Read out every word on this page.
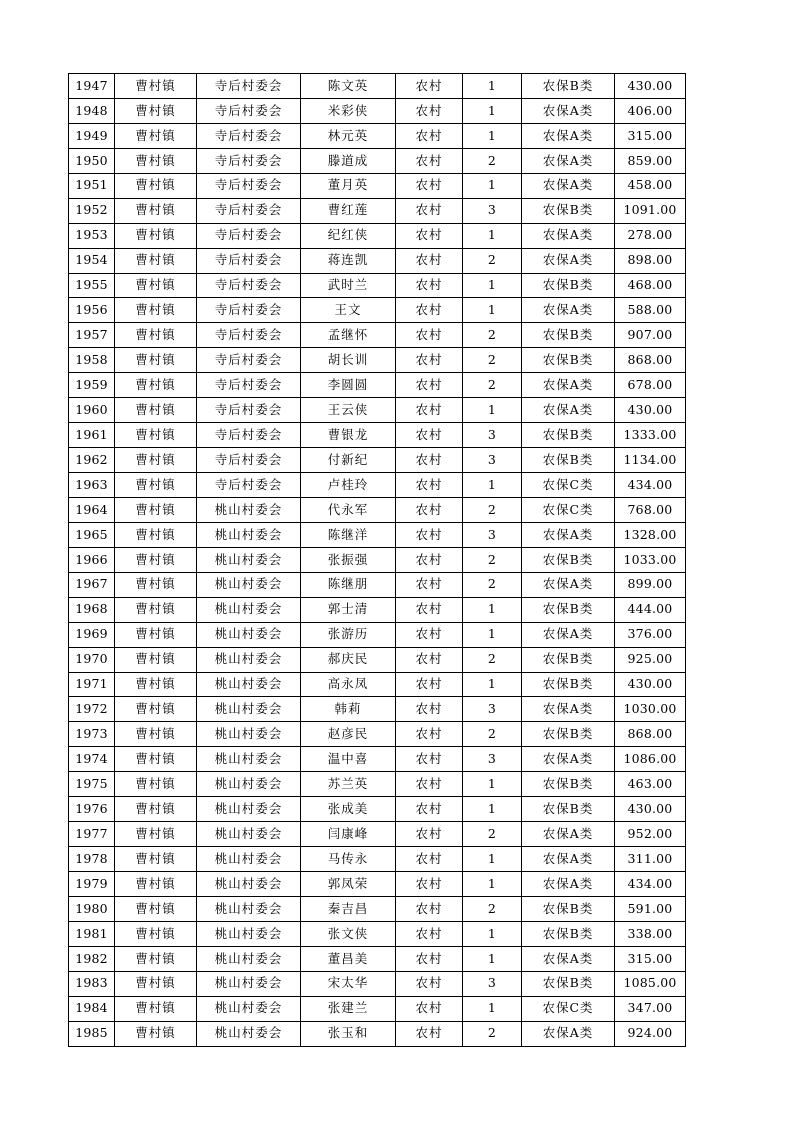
1947	曹村镇	寺后村委会	陈文英	农村	1	农保B类	430.00
1948	曹村镇	寺后村委会	米彩侠	农村	1	农保A类	406.00
1949	曹村镇	寺后村委会	林元英	农村	1	农保A类	315.00
1950	曹村镇	寺后村委会	滕道成	农村	2	农保A类	859.00
1951	曹村镇	寺后村委会	董月英	农村	1	农保A类	458.00
1952	曹村镇	寺后村委会	曹红莲	农村	3	农保B类	1091.00
1953	曹村镇	寺后村委会	纪红侠	农村	1	农保A类	278.00
1954	曹村镇	寺后村委会	蒋连凯	农村	2	农保A类	898.00
1955	曹村镇	寺后村委会	武时兰	农村	1	农保B类	468.00
1956	曹村镇	寺后村委会	王文	农村	1	农保A类	588.00
1957	曹村镇	寺后村委会	孟继怀	农村	2	农保B类	907.00
1958	曹村镇	寺后村委会	胡长训	农村	2	农保B类	868.00
1959	曹村镇	寺后村委会	李圆圆	农村	2	农保A类	678.00
1960	曹村镇	寺后村委会	王云侠	农村	1	农保A类	430.00
1961	曹村镇	寺后村委会	曹银龙	农村	3	农保B类	1333.00
1962	曹村镇	寺后村委会	付新纪	农村	3	农保B类	1134.00
1963	曹村镇	寺后村委会	卢桂玲	农村	1	农保C类	434.00
1964	曹村镇	桃山村委会	代永军	农村	2	农保C类	768.00
1965	曹村镇	桃山村委会	陈继洋	农村	3	农保A类	1328.00
1966	曹村镇	桃山村委会	张振强	农村	2	农保B类	1033.00
1967	曹村镇	桃山村委会	陈继朋	农村	2	农保A类	899.00
1968	曹村镇	桃山村委会	郭士清	农村	1	农保B类	444.00
1969	曹村镇	桃山村委会	张游历	农村	1	农保A类	376.00
1970	曹村镇	桃山村委会	郝庆民	农村	2	农保B类	925.00
1971	曹村镇	桃山村委会	高永凤	农村	1	农保B类	430.00
1972	曹村镇	桃山村委会	韩莉	农村	3	农保A类	1030.00
1973	曹村镇	桃山村委会	赵彦民	农村	2	农保B类	868.00
1974	曹村镇	桃山村委会	温中喜	农村	3	农保A类	1086.00
1975	曹村镇	桃山村委会	苏兰英	农村	1	农保B类	463.00
1976	曹村镇	桃山村委会	张成美	农村	1	农保B类	430.00
1977	曹村镇	桃山村委会	闫康峰	农村	2	农保A类	952.00
1978	曹村镇	桃山村委会	马传永	农村	1	农保A类	311.00
1979	曹村镇	桃山村委会	郭凤荣	农村	1	农保A类	434.00
1980	曹村镇	桃山村委会	秦吉昌	农村	2	农保B类	591.00
1981	曹村镇	桃山村委会	张文侠	农村	1	农保B类	338.00
1982	曹村镇	桃山村委会	董昌美	农村	1	农保A类	315.00
1983	曹村镇	桃山村委会	宋太华	农村	3	农保B类	1085.00
1984	曹村镇	桃山村委会	张建兰	农村	1	农保C类	347.00
1985	曹村镇	桃山村委会	张玉和	农村	2	农保A类	924.00
